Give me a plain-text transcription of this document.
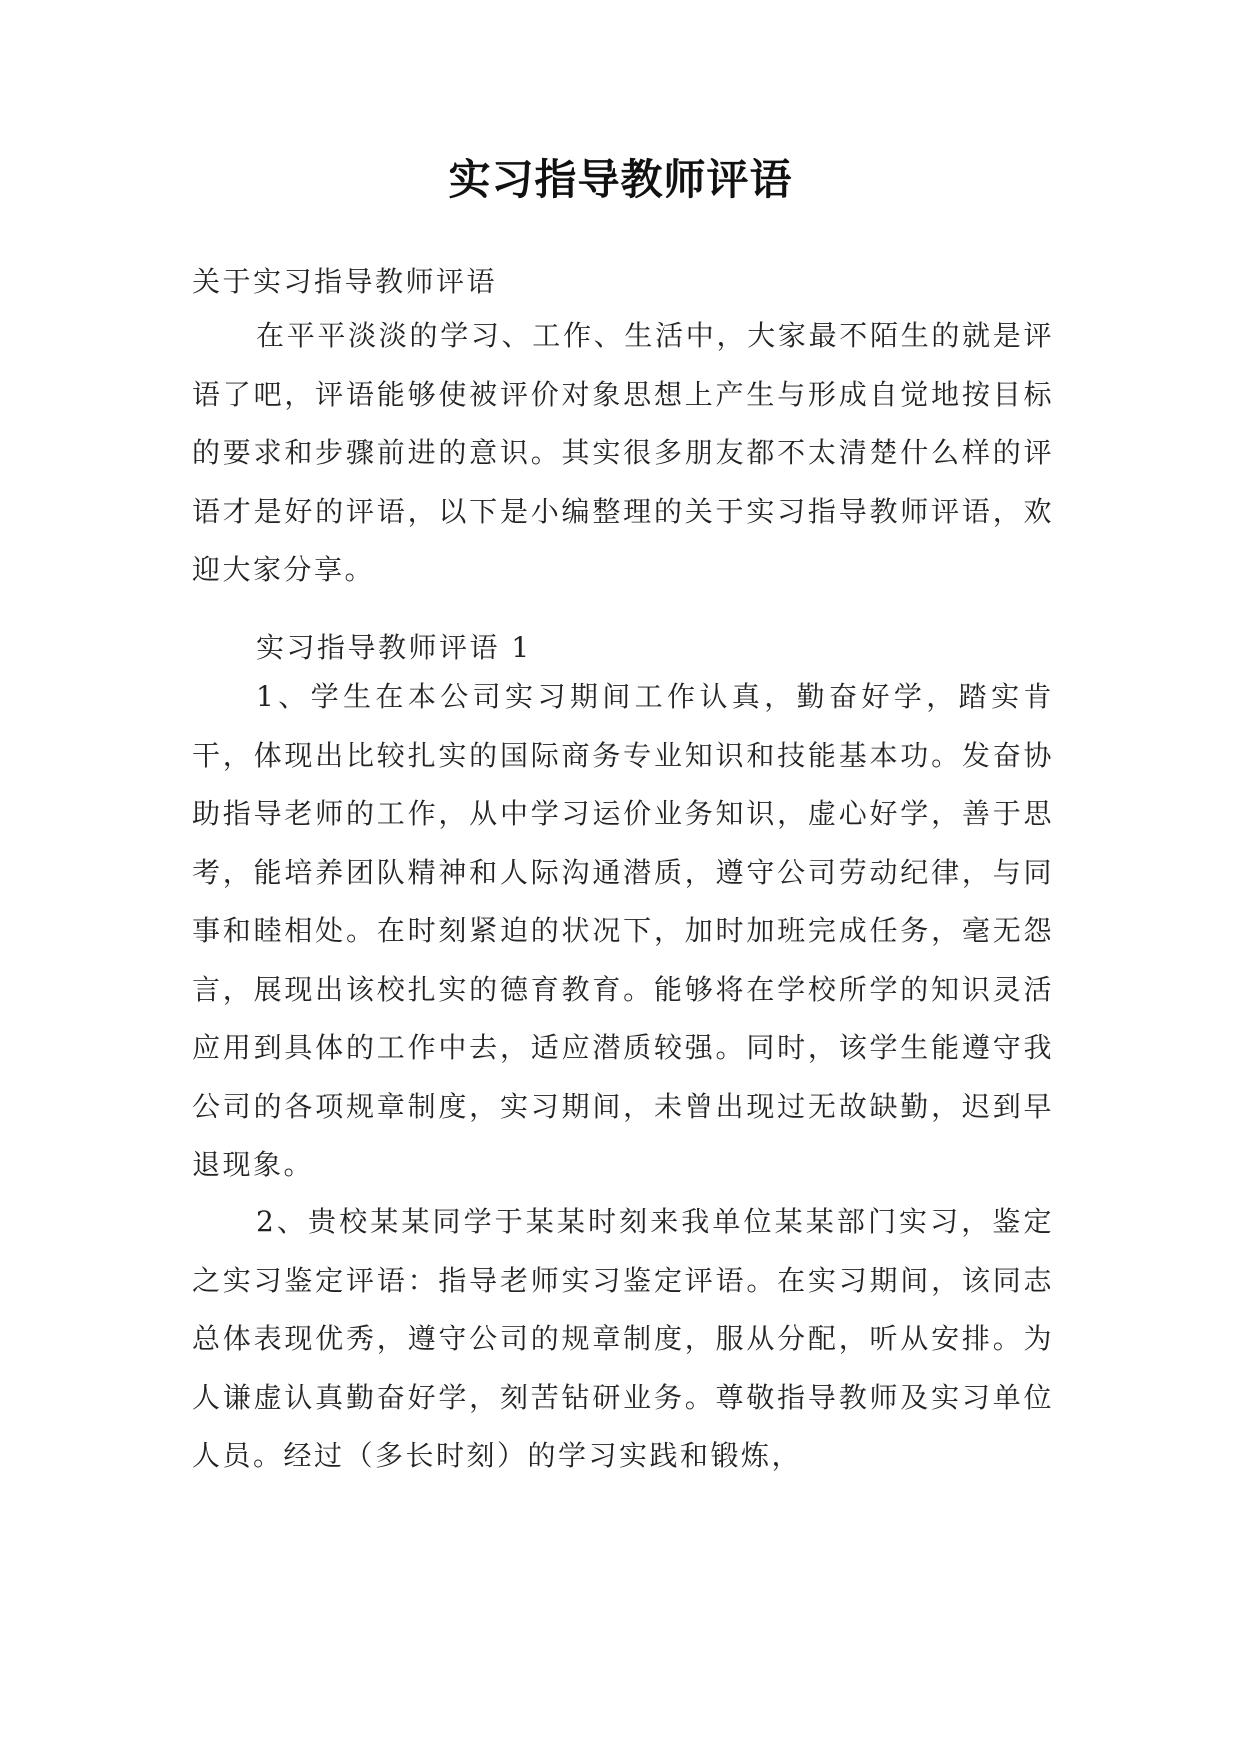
实习指导教师评语
关于实习指导教师评语
在平平淡淡的学习、工作、生活中，大家最不陌生的就是评语了吧，评语能够使被评价对象思想上产生与形成自觉地按目标的要求和步骤前进的意识。其实很多朋友都不太清楚什么样的评语才是好的评语，以下是小编整理的关于实习指导教师评语，欢迎大家分享。
实习指导教师评语 1
1、学生在本公司实习期间工作认真，勤奋好学，踏实肯干，体现出比较扎实的国际商务专业知识和技能基本功。发奋协助指导老师的工作，从中学习运价业务知识，虚心好学，善于思考，能培养团队精神和人际沟通潜质，遵守公司劳动纪律，与同事和睦相处。在时刻紧迫的状况下，加时加班完成任务，毫无怨言，展现出该校扎实的德育教育。能够将在学校所学的知识灵活应用到具体的工作中去，适应潜质较强。同时，该学生能遵守我公司的各项规章制度，实习期间，未曾出现过无故缺勤，迟到早退现象。
2、贵校某某同学于某某时刻来我单位某某部门实习，鉴定之实习鉴定评语：指导老师实习鉴定评语。在实习期间，该同志总体表现优秀，遵守公司的规章制度，服从分配，听从安排。为人谦虚认真勤奋好学，刻苦钻研业务。尊敬指导教师及实习单位人员。经过（多长时刻）的学习实践和锻炼，
